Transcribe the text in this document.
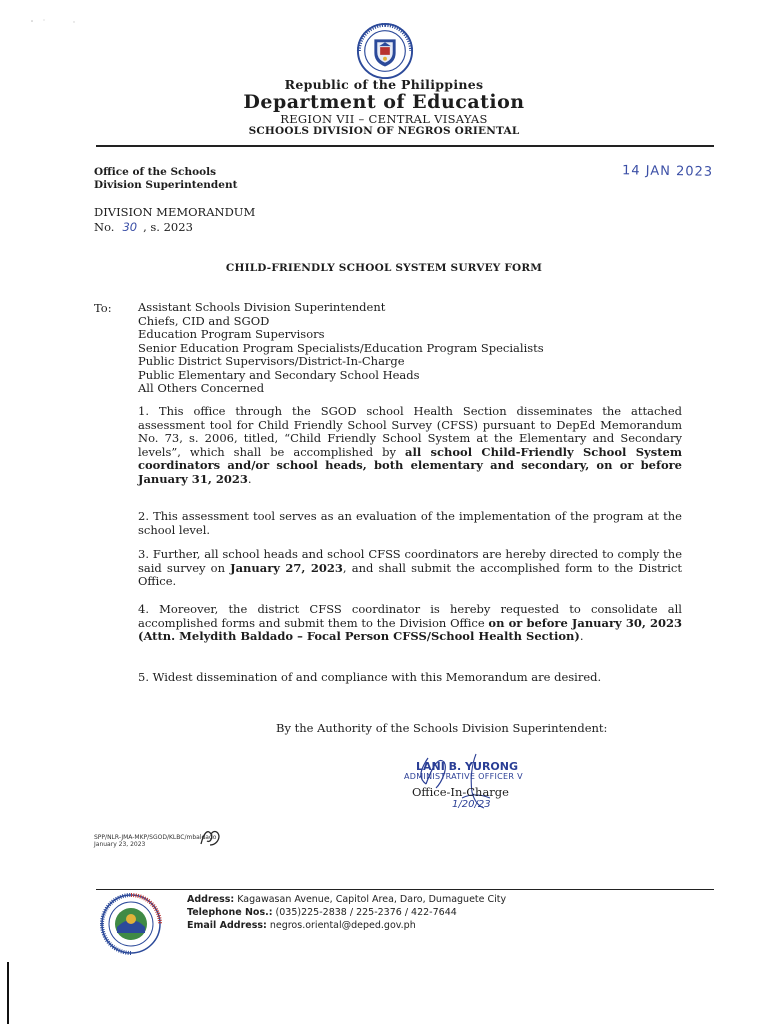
Republic of the Philippines
Department of Education
REGION VII – CENTRAL VISAYAS
SCHOOLS DIVISION OF NEGROS ORIENTAL
Office of the Schools
Division Superintendent
14 JAN 2023
DIVISION MEMORANDUM
No. 30 , s. 2023
CHILD-FRIENDLY SCHOOL SYSTEM SURVEY FORM
To: Assistant Schools Division Superintendent
Chiefs, CID and SGOD
Education Program Supervisors
Senior Education Program Specialists/Education Program Specialists
Public District Supervisors/District-In-Charge
Public Elementary and Secondary School Heads
All Others Concerned

1. This office through the SGOD school Health Section disseminates the attached assessment tool for Child Friendly School Survey (CFSS) pursuant to DepEd Memorandum No. 73, s. 2006, titled, “Child Friendly School System at the Elementary and Secondary levels”, which shall be accomplished by all school Child-Friendly School System coordinators and/or school heads, both elementary and secondary, on or before January 31, 2023.

2. This assessment tool serves as an evaluation of the implementation of the program at the school level.

3. Further, all school heads and school CFSS coordinators are hereby directed to comply the said survey on January 27, 2023, and shall submit the accomplished form to the District Office.

4. Moreover, the district CFSS coordinator is hereby requested to consolidate all accomplished forms and submit them to the Division Office on or before January 30, 2023 (Attn. Melydith Baldado – Focal Person CFSS/School Health Section).

5. Widest dissemination of and compliance with this Memorandum are desired.

By the Authority of the Schools Division Superintendent:
LANI B. YURONG
ADMINISTRATIVE OFFICER V
Office-In-Charge
1/20/23
SPP/NLR-JMA-MKP/SGOD/KLBC/mbaldado
January 23, 2023
Address: Kagawasan Avenue, Capitol Area, Daro, Dumaguete City
Telephone Nos.: (035)225-2838 / 225-2376 / 422-7644
Email Address: negros.oriental@deped.gov.ph
